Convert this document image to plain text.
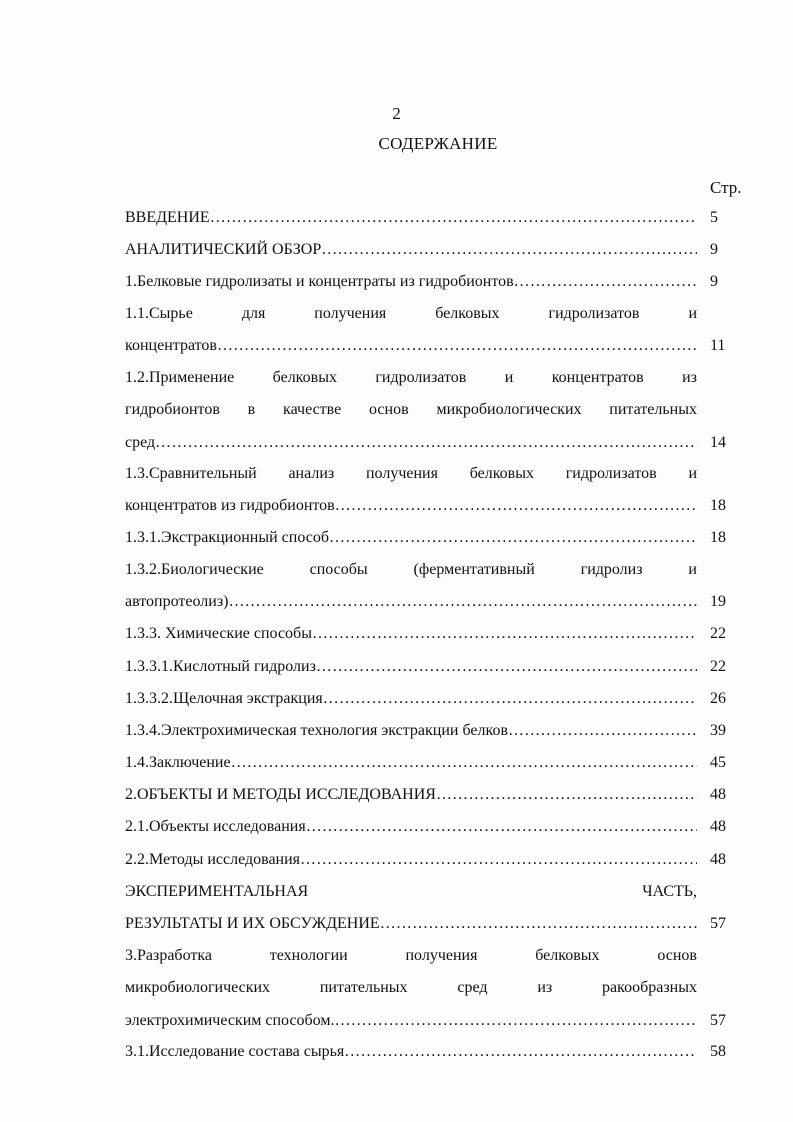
2
СОДЕРЖАНИЕ
Стр.
ВВЕДЕНИЕ ……………………………………………………………………………………………………………………………………………	5
АНАЛИТИЧЕСКИЙ ОБЗОР ……………………………………………………………………………………………………………………………………………	9
1.Белковые гидролизаты и концентраты из гидробионтов ……………………………………………………………………………………………………………………………………………	9
1.1.Сырье	для	получения	белковых	гидролизатов	и
концентратов ……………………………………………………………………………………………………………………………………………	11
1.2.Применение белковых гидролизатов и концентратов из
гидробионтов в качестве основ микробиологических питательных
сред ……………………………………………………………………………………………………………………………………………	14
1.3.Сравнительный анализ получения белковых гидролизатов и
концентратов из гидробионтов ……………………………………………………………………………………………………………………………………………	18
1.3.1.Экстракционный способ ……………………………………………………………………………………………………………………………………………	18
1.3.2.Биологические	способы	(ферментативный	гидролиз	и
автопротеолиз) ……………………………………………………………………………………………………………………………………………	19
1.3.3. Химические способы ……………………………………………………………………………………………………………………………………………	22
1.3.3.1.Кислотный гидролиз ……………………………………………………………………………………………………………………………………………	22
1.3.3.2.Щелочная экстракция ……………………………………………………………………………………………………………………………………………	26
1.3.4.Электрохимическая технология экстракции белков ……………………………………………………………………………………………………………………………………………	39
1.4.Заключение ……………………………………………………………………………………………………………………………………………	45
2.ОБЪЕКТЫ И МЕТОДЫ ИССЛЕДОВАНИЯ ……………………………………………………………………………………………………………………………………………	48
2.1.Объекты исследования ……………………………………………………………………………………………………………………………………………	48
2.2.Методы исследования ……………………………………………………………………………………………………………………………………………	48
ЭКСПЕРИМЕНТАЛЬНАЯ	ЧАСТЬ,
РЕЗУЛЬТАТЫ И ИХ ОБСУЖДЕНИЕ ……………………………………………………………………………………………………………………………………………	57
3.Разработка	технологии	получения	белковых	основ
микробиологических	питательных	сред	из	ракообразных
электрохимическим способом. ……………………………………………………………………………………………………………………………………………	57
3.1.Исследование состава сырья ……………………………………………………………………………………………………………………………………………	58
